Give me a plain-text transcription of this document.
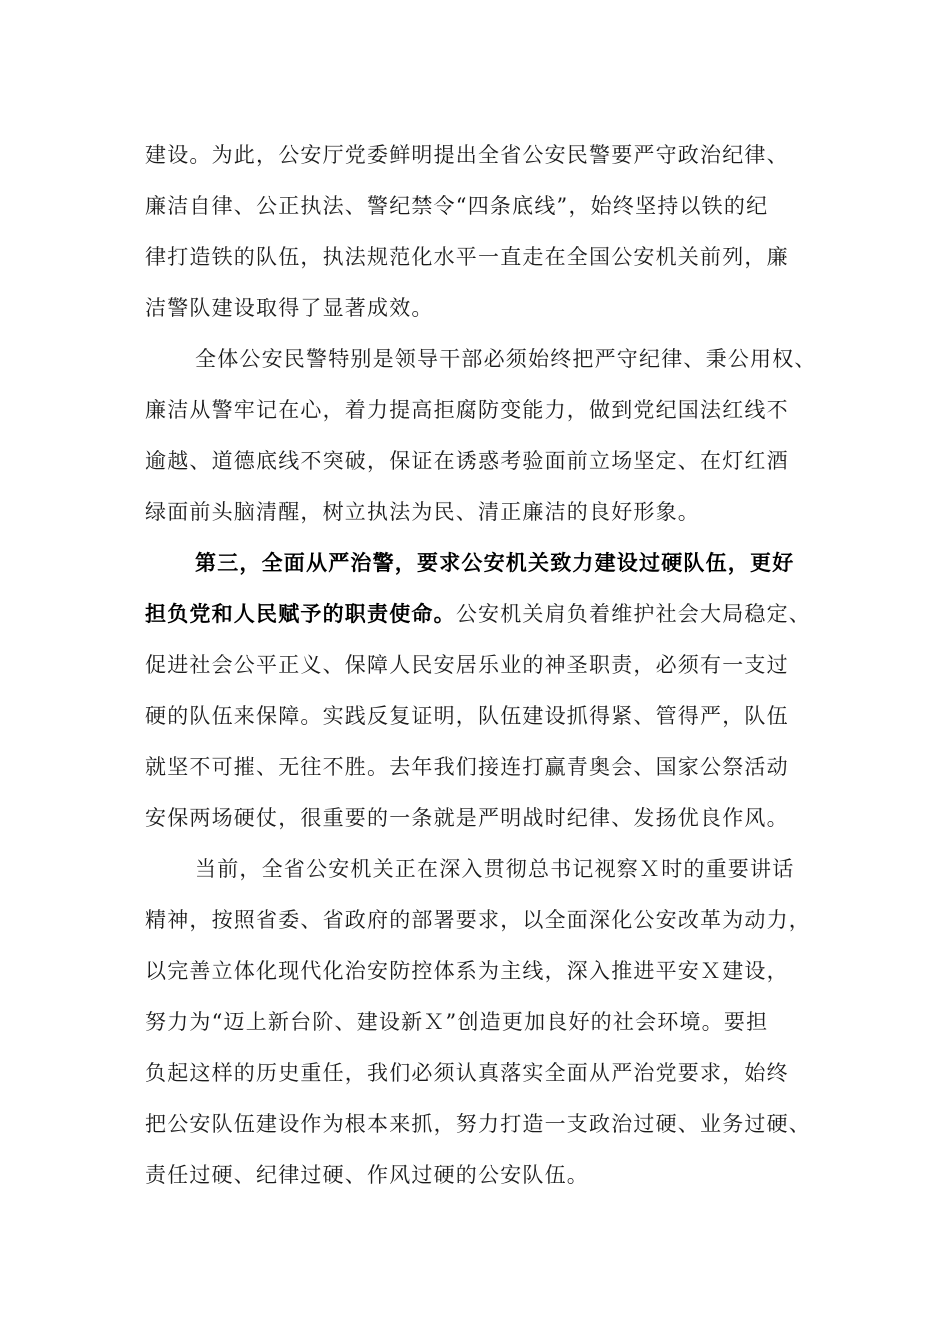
建设。为此，公安厅党委鲜明提出全省公安民警要严守政治纪律、
廉洁自律、公正执法、警纪禁令“四条底线”，始终坚持以铁的纪
律打造铁的队伍，执法规范化水平一直走在全国公安机关前列，廉
洁警队建设取得了显著成效。
全体公安民警特别是领导干部必须始终把严守纪律、秉公用权、
廉洁从警牢记在心，着力提高拒腐防变能力，做到党纪国法红线不
逾越、道德底线不突破，保证在诱惑考验面前立场坚定、在灯红酒
绿面前头脑清醒，树立执法为民、清正廉洁的良好形象。
第三，全面从严治警，要求公安机关致力建设过硬队伍，更好
担负党和人民赋予的职责使命。公安机关肩负着维护社会大局稳定、
促进社会公平正义、保障人民安居乐业的神圣职责，必须有一支过
硬的队伍来保障。实践反复证明，队伍建设抓得紧、管得严，队伍
就坚不可摧、无往不胜。去年我们接连打赢青奥会、国家公祭活动
安保两场硬仗，很重要的一条就是严明战时纪律、发扬优良作风。
当前，全省公安机关正在深入贯彻总书记视察Ｘ时的重要讲话
精神，按照省委、省政府的部署要求，以全面深化公安改革为动力，
以完善立体化现代化治安防控体系为主线，深入推进平安Ｘ建设，
努力为“迈上新台阶、建设新Ｘ”创造更加良好的社会环境。要担
负起这样的历史重任，我们必须认真落实全面从严治党要求，始终
把公安队伍建设作为根本来抓，努力打造一支政治过硬、业务过硬、
责任过硬、纪律过硬、作风过硬的公安队伍。
